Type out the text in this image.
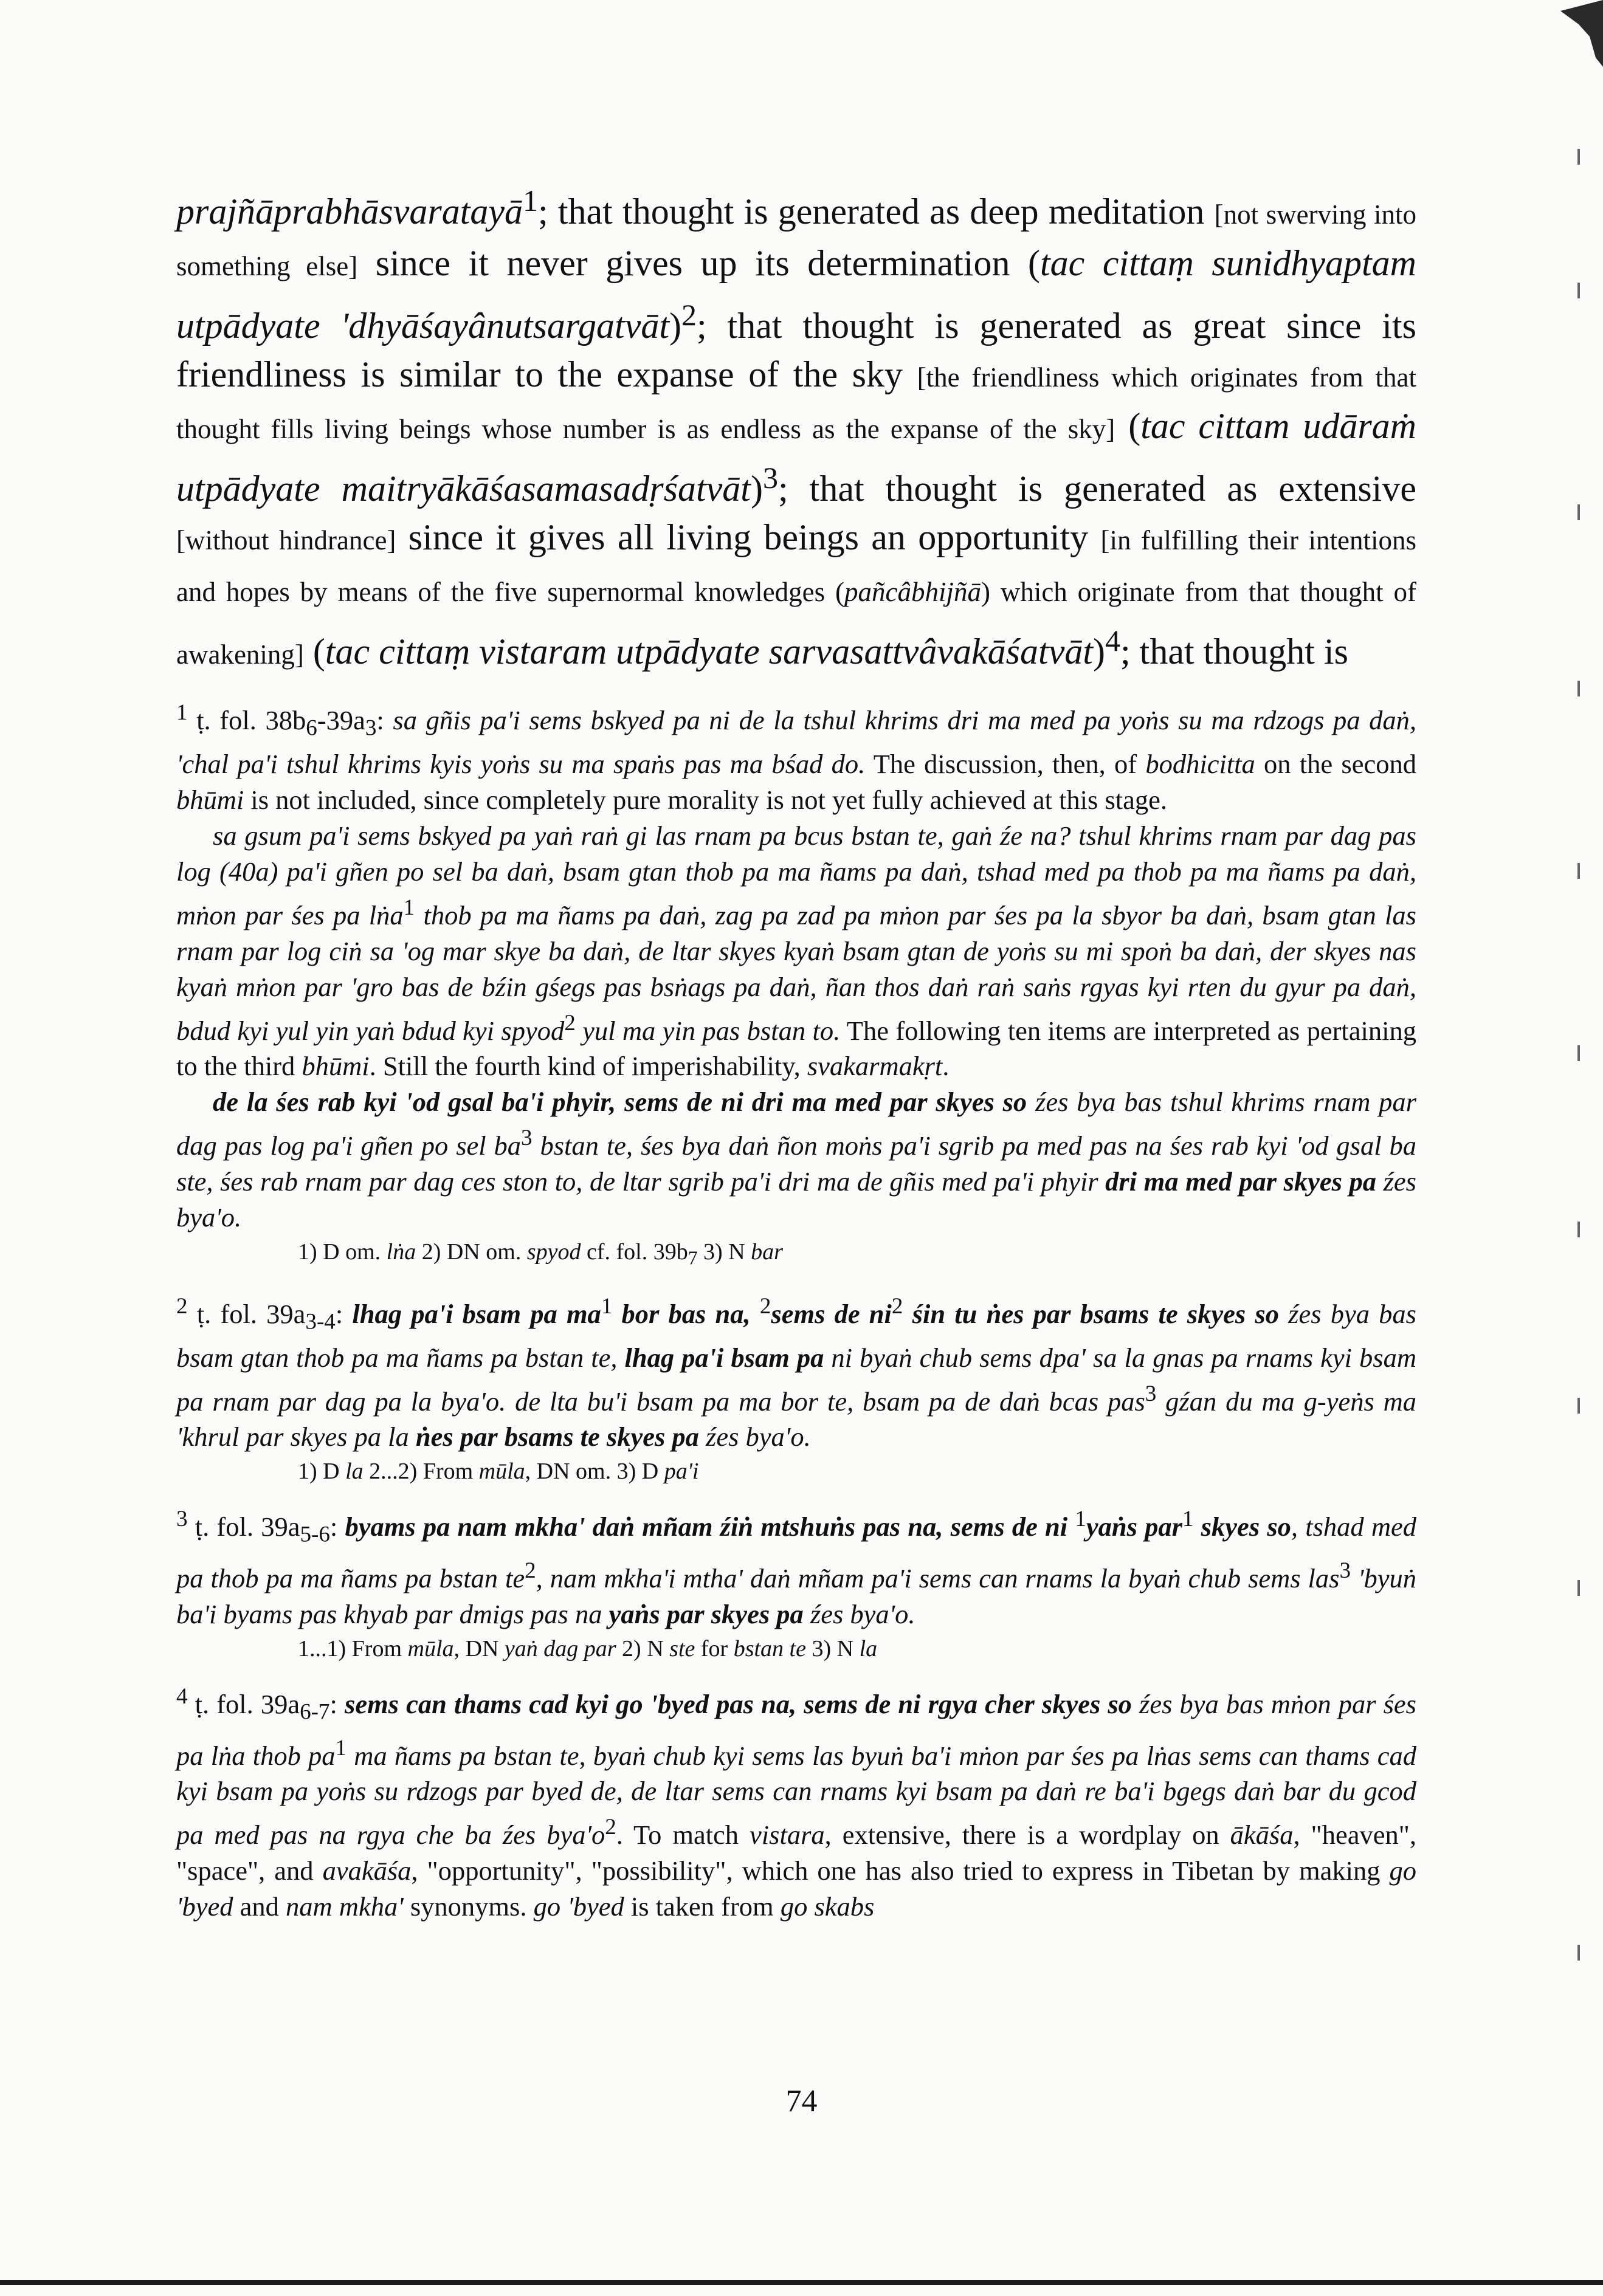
prajñāprabhāsvaratayā$^1$; that thought is generated as deep meditation [not swerving into something else] since it never gives up its determination (tac cittaṃ sunidhyaptam utpādyate 'dhyāśayânutsargatvāt)$^2$; that thought is generated as great since its friendliness is similar to the expanse of the sky [the friendliness which originates from that thought fills living beings whose number is as endless as the expanse of the sky] (tac cittam udāraṁ utpādyate maitryākāśasamasadṛśatvāt)$^3$; that thought is generated as extensive [without hindrance] since it gives all living beings an opportunity [in fulfilling their intentions and hopes by means of the five supernormal knowledges (pañcâbhijñā) which originate from that thought of awakening] (tac cittaṃ vistaram utpādyate sarvasattvâvakāśatvāt)$^4$; that thought is

$^1$ ṭ. fol. $38b_6-39a_3$: sa gñis pa'i sems bskyed pa ni de la tshul khrims dri ma med pa yoṅs su ma rdzogs pa daṅ, 'chal pa'i tshul khrims kyis yoṅs su ma spaṅs pas ma bśad do. The discussion, then, of bodhicitta on the second bhūmi is not included, since completely pure morality is not yet fully achieved at this stage.

sa gsum pa'i sems bskyed pa yaṅ raṅ gi las rnam pa bcus bstan te, gaṅ źe na? tshul khrims rnam par dag pas log (40a) pa'i gñen po sel ba daṅ, bsam gtan thob pa ma ñams pa daṅ, tshad med pa thob pa ma ñams pa daṅ, mṅon par śes pa lṅa$^1$ thob pa ma ñams pa daṅ, zag pa zad pa mṅon par śes pa la sbyor ba daṅ, bsam gtan las rnam par log ciṅ sa 'og mar skye ba daṅ, de ltar skyes kyaṅ bsam gtan de yoṅs su mi spoṅ ba daṅ, der skyes nas kyaṅ mṅon par 'gro bas de bźin gśegs pas bsṅags pa daṅ, ñan thos daṅ raṅ saṅs rgyas kyi rten du gyur pa daṅ, bdud kyi yul yin yaṅ bdud kyi spyod$^2$ yul ma yin pas bstan to. The following ten items are interpreted as pertaining to the third bhūmi. Still the fourth kind of imperishability, svakarmakṛt.

de la śes rab kyi 'od gsal ba'i phyir, sems de ni dri ma med par skyes so źes bya bas tshul khrims rnam par dag pas log pa'i gñen po sel $ba^3$ bstan te, śes bya daṅ ñon moṅs pa'i sgrib pa med pas na śes rab kyi 'od gsal ba ste, śes rab rnam par dag ces ston to, de ltar sgrib pa'i dri ma de gñis med pa'i phyir dri ma med par skyes pa źes bya'o.

1) D om. lṅa 2) DN om. spyod cf. fol. $39b_7$ 3) N bar

$^2$ ṭ. fol. $39a_{3-4}$: lhag pa'i bsam pa $ma^1$ bor bas na, $^2$sems de $ni^2$ śin tu ṅes par bsams te skyes so źes bya bas bsam gtan thob pa ma ñams pa bstan te, lhag pa'i bsam pa ni byaṅ chub sems dpa' sa la gnas pa rnams kyi bsam pa rnam par dag pa la bya'o. de lta bu'i bsam pa ma bor te, bsam pa de daṅ bcas pas$^3$ gźan du ma g-yeṅs ma 'khrul par skyes pa la ṅes par bsams te skyes pa źes bya'o.

1) D la 2...2) From mūla, DN om. 3) D pa'i

$^3$ ṭ. fol. $39a_{5-6}$: byams pa nam mkha' daṅ mñam źiṅ mtshuṅs pas na, sems de ni $^1$yaṅs par$^1$ skyes so, tshad med pa thob pa ma ñams pa bstan $te^2$, nam mkha'i mtha' daṅ mñam pa'i sems can rnams la byaṅ chub sems las$^3$ 'byuṅ ba'i byams pas khyab par dmigs pas na yaṅs par skyes pa źes bya'o.

1...1) From mūla, DN yaṅ dag par 2) N ste for bstan te 3) N la

$^4$ ṭ. fol. $39a_{6-7}$: sems can thams cad kyi go 'byed pas na, sems de ni rgya cher skyes so źes bya bas mṅon par śes pa lṅa thob $pa^1$ ma ñams pa bstan te, byaṅ chub kyi sems las byuṅ ba'i mṅon par śes pa lṅas sems can thams cad kyi bsam pa yoṅs su rdzogs par byed de, de ltar sems can rnams kyi bsam pa daṅ re ba'i bgegs daṅ bar du gcod pa med pas na rgya che ba źes $bya'o^2$. To match vistara, extensive, there is a wordplay on ākāśa, "heaven", "space", and avakāśa, "opportunity", "possibility", which one has also tried to express in Tibetan by making go 'byed and nam mkha' synonyms. go 'byed is taken from go skabs

74
